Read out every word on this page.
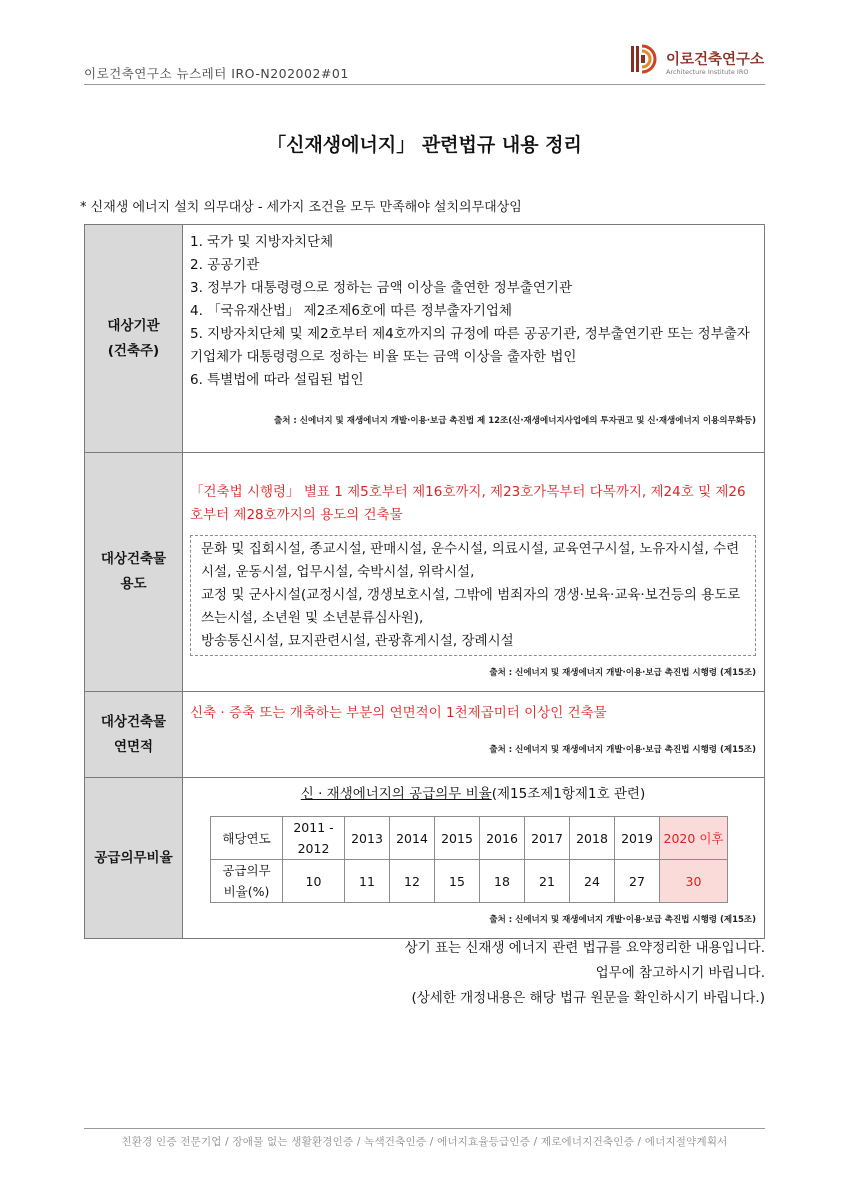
이로건축연구소 뉴스레터 IRO-N202002#01
이로건축연구소
Architecture Institute IRO
「신재생에너지」 관련법규 내용 정리
* 신재생 에너지 설치 의무대상 - 세가지 조건을 모두 만족해야 설치의무대상임
대상기관
(건축주)

1. 국가 및 지방자치단체
2. 공공기관
3. 정부가 대통령령으로 정하는 금액 이상을 출연한 정부출연기관
4. 「국유재산법」 제2조제6호에 따른 정부출자기업체
5. 지방자치단체 및 제2호부터 제4호까지의 규정에 따른 공공기관, 정부출연기관 또는 정부출자기업체가 대통령령으로 정하는 비율 또는 금액 이상을 출자한 법인
6. 특별법에 따라 설립된 법인
출처 : 신에너지 및 재생에너지 개발·이용·보급 촉진법 제 12조(신·재생에너지사업에의 투자권고 및 신·재생에너지 이용의무화등)

대상건축물
용도

「건축법 시행령」 별표 1 제5호부터 제16호까지, 제23호가목부터 다목까지, 제24호 및 제26호부터 제28호까지의 용도의 건축물
문화 및 집회시설, 종교시설, 판매시설, 운수시설, 의료시설, 교육연구시설, 노유자시설, 수련시설, 운동시설, 업무시설, 숙박시설, 위락시설,
교정 및 군사시설(교정시설, 갱생보호시설, 그밖에 범죄자의 갱생·보육·교육·보건등의 용도로 쓰는시설, 소년원 및 소년분류심사원),
방송통신시설, 묘지관련시설, 관광휴게시설, 장례시설
출처 : 신에너지 및 재생에너지 개발·이용·보급 촉진법 시행령 (제15조)

대상건축물
연면적

신축 · 증축 또는 개축하는 부분의 연면적이 1천제곱미터 이상인 건축물
출처 : 신에너지 및 재생에너지 개발·이용·보급 촉진법 시행령 (제15조)

공급의무비율	
신 · 재생에너지의 공급의무 비율(제15조제1항제1호 관련)
해당연도	2011 - 2012	2013	2014	2015	2016	2017	2018	2019	2020 이후

공급의무
비율(%)
	10	11	12	15	18	21	24	27	30
출처 : 신에너지 및 재생에너지 개발·이용·보급 촉진법 시행령 (제15조)
상기 표는 신재생 에너지 관련 법규를 요약정리한 내용입니다.
업무에 참고하시기 바립니다.
(상세한 개정내용은 해당 법규 원문을 확인하시기 바립니다.)
친환경 인증 전문기업 / 장애물 없는 생활환경인증 / 녹색건축인증 / 에너지효율등급인증 / 제로에너지건축인증 / 에너지절약계획서
